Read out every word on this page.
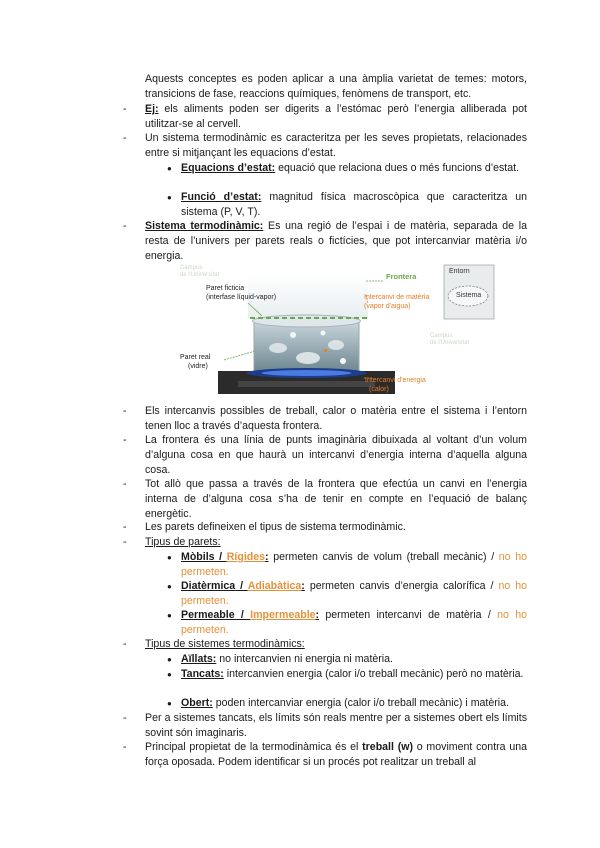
Aquests conceptes es poden aplicar a una àmplia varietat de temes: motors, transicions de fase, reaccions químiques, fenòmens de transport, etc.
- Ej: els aliments poden ser digerits a l’estómac però l’energia alliberada pot utilitzar-se al cervell.
- Un sistema termodinàmic es caracteritza per les seves propietats, relacionades entre si mitjançant les equacions d’estat.
● Equacions d’estat: equació que relaciona dues o més funcions d’estat.
● Funció d’estat: magnitud física macroscòpica que caracteritza un sistema (P, V, T).
- Sistema termodinàmic: Es una regió de l’espai i de matèria, separada de la resta de l’univers per parets reals o fictícies, que pot intercanviar matèria i/o energia.
Paret ficticia
(interfase líquid-vapor)
Paret real
(vidre)
Frontera
Intercanvi de matèria
(vapor d'aigua)
Intercanvi d'energia
(calor)
Entorn
Sistema
Campus
de l'Universitat
Campus
de l'Universitat
- Els intercanvis possibles de treball, calor o matèria entre el sistema i l’entorn tenen lloc a través d’aquesta frontera.
- La frontera és una línia de punts imaginària dibuixada al voltant d’un volum d’alguna cosa en que haurà un intercanvi d’energia interna d’aquella alguna cosa.
- Tot allò que passa a través de la frontera que efectúa un canvi en l’energia interna de d’alguna cosa s’ha de tenir en compte en l’equació de balanç energètic.
- Les parets defineixen el tipus de sistema termodinàmic.
- Tipus de parets:
● Mòbils / Rígides: permeten canvis de volum (treball mecànic) / no ho permeten.
● Diatèrmica / Adiabàtica: permeten canvis d’energia calorífica / no ho permeten.
● Permeable / Impermeable: permeten intercanvi de matèria / no ho permeten.
- Tipus de sistemes termodinàmics:
● Aïllats: no intercanvien ni energia ni matèria.
● Tancats: intercanvien energia (calor i/o treball mecànic) però no matèria.
● Obert: poden intercanviar energia (calor i/o treball mecànic) i matèria.
- Per a sistemes tancats, els límits són reals mentre per a sistemes obert els límits sovint són imaginaris.
- Principal propietat de la termodinàmica és el treball (w) o moviment contra una força oposada. Podem identificar si un procés pot realitzar un treball al
